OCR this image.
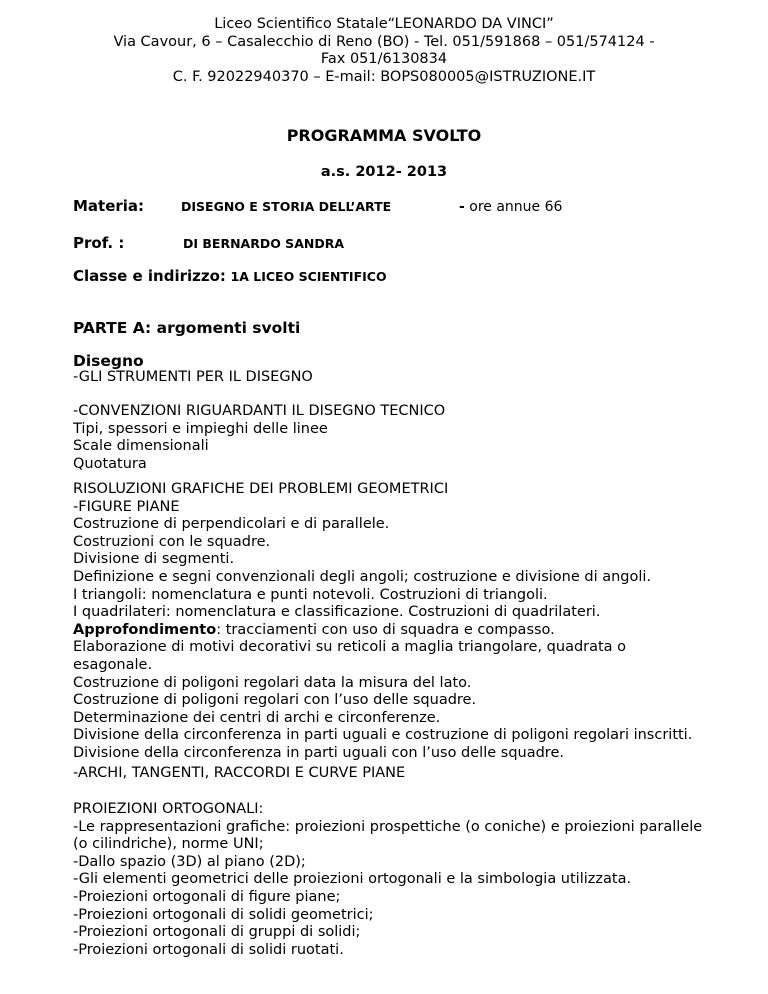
Liceo Scientifico Statale“LEONARDO DA VINCI”
Via Cavour, 6 – Casalecchio di Reno (BO) - Tel. 051/591868 – 051/574124 -
Fax 051/6130834
C. F. 92022940370 – E-mail: BOPS080005@ISTRUZIONE.IT
PROGRAMMA SVOLTO
a.s. 2012- 2013
Materia:	DISEGNO E STORIA DELL’ARTE	- ore annue 66
Prof. :	DI BERNARDO SANDRA
Classe e indirizzo: 1A LICEO SCIENTIFICO
PARTE A: argomenti svolti
Disegno
-GLI STRUMENTI PER IL DISEGNO
-CONVENZIONI RIGUARDANTI IL DISEGNO TECNICO
Tipi, spessori e impieghi delle linee
Scale dimensionali
Quotatura
RISOLUZIONI GRAFICHE DEI PROBLEMI GEOMETRICI
-FIGURE PIANE
Costruzione di perpendicolari e di parallele.
Costruzioni con le squadre.
Divisione di segmenti.
Definizione e segni convenzionali degli angoli; costruzione e divisione di angoli.
I triangoli: nomenclatura e punti notevoli. Costruzioni di triangoli.
I quadrilateri: nomenclatura e classificazione. Costruzioni di quadrilateri.
Approfondimento: tracciamenti con uso di squadra e compasso.
Elaborazione di motivi decorativi su reticoli a maglia triangolare, quadrata o
esagonale.
Costruzione di poligoni regolari data la misura del lato.
Costruzione di poligoni regolari con l’uso delle squadre.
Determinazione dei centri di archi e circonferenze.
Divisione della circonferenza in parti uguali e costruzione di poligoni regolari inscritti.
Divisione della circonferenza in parti uguali con l’uso delle squadre.
-ARCHI, TANGENTI, RACCORDI E CURVE PIANE
PROIEZIONI ORTOGONALI:
-Le rappresentazioni grafiche: proiezioni prospettiche (o coniche) e proiezioni parallele
(o cilindriche), norme UNI;
-Dallo spazio (3D) al piano (2D);
-Gli elementi geometrici delle proiezioni ortogonali e la simbologia utilizzata.
-Proiezioni ortogonali di figure piane;
-Proiezioni ortogonali di solidi geometrici;
-Proiezioni ortogonali di gruppi di solidi;
-Proiezioni ortogonali di solidi ruotati.
